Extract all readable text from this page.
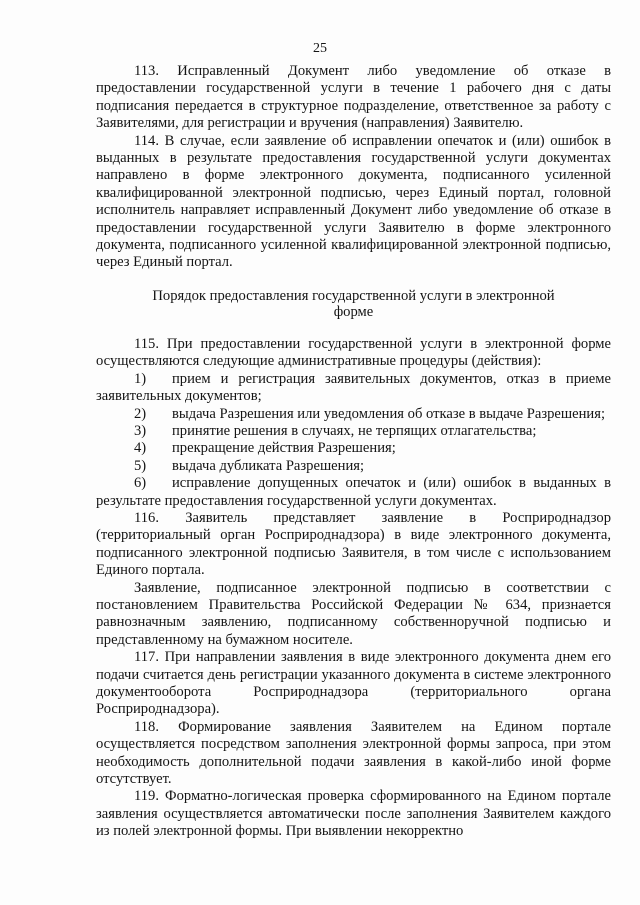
25

113. Исправленный Документ либо уведомление об отказе в предоставлении государственной услуги в течение 1 рабочего дня с даты подписания передается в структурное подразделение, ответственное за работу с Заявителями, для регистрации и вручения (направления) Заявителю.

114. В случае, если заявление об исправлении опечаток и (или) ошибок в выданных в результате предоставления государственной услуги документах направлено в форме электронного документа, подписанного усиленной квалифицированной электронной подписью, через Единый портал, головной исполнитель направляет исправленный Документ либо уведомление об отказе в предоставлении государственной услуги Заявителю в форме электронного документа, подписанного усиленной квалифицированной электронной подписью, через Единый портал.

Порядок предоставления государственной услуги в электронной форме

115. При предоставлении государственной услуги в электронной форме осуществляются следующие административные процедуры (действия):

1) прием и регистрация заявительных документов, отказ в приеме заявительных документов;

2) выдача Разрешения или уведомления об отказе в выдаче Разрешения;

3) принятие решения в случаях, не терпящих отлагательства;

4) прекращение действия Разрешения;

5) выдача дубликата Разрешения;

6) исправление допущенных опечаток и (или) ошибок в выданных в результате предоставления государственной услуги документах.

116. Заявитель представляет заявление в Росприроднадзор (территориальный орган Росприроднадзора) в виде электронного документа, подписанного электронной подписью Заявителя, в том числе с использованием Единого портала.

Заявление, подписанное электронной подписью в соответствии с постановлением Правительства Российской Федерации № 634, признается равнозначным заявлению, подписанному собственноручной подписью и представленному на бумажном носителе.

117. При направлении заявления в виде электронного документа днем его подачи считается день регистрации указанного документа в системе электронного документооборота Росприроднадзора (территориального органа Росприроднадзора).

118. Формирование заявления Заявителем на Едином портале осуществляется посредством заполнения электронной формы запроса, при этом необходимость дополнительной подачи заявления в какой-либо иной форме отсутствует.

119. Форматно-логическая проверка сформированного на Едином портале заявления осуществляется автоматически после заполнения Заявителем каждого из полей электронной формы. При выявлении некорректно
